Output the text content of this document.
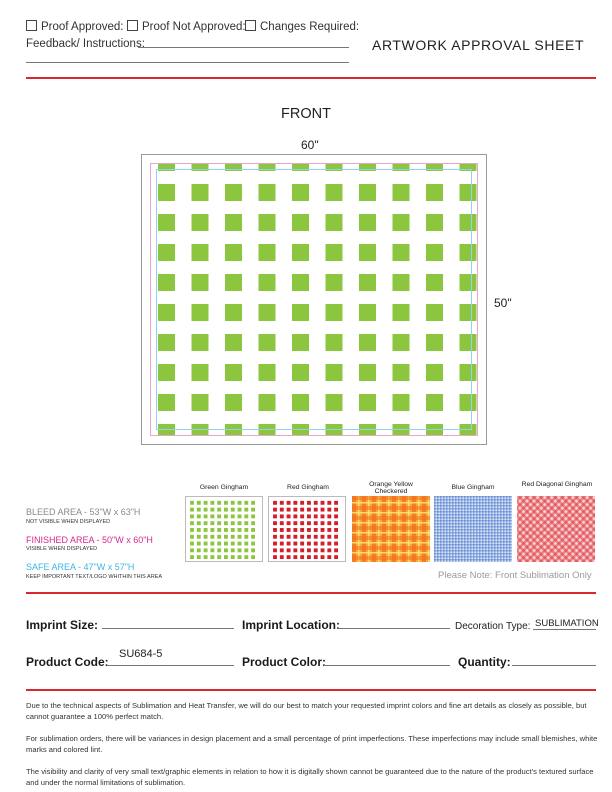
Proof Approved:	Proof Not Approved:	Changes Required:
Feedback/ Instructions:	ARTWORK APPROVAL SHEET
FRONT
60"
50"
BLEED AREA - 53"W x 63"H
NOT VISIBLE WHEN DISPLAYED
FINISHED AREA - 50"W x 60"H
VISIBLE WHEN DISPLAYED
SAFE AREA - 47"W x 57"H
KEEP IMPORTANT TEXT/LOGO WHITHIN THIS AREA
Green Gingham	Red Gingham	Orange Yellow Checkered
Blue Gingham	Red Diagonal Gingham
Please Note: Front Sublimation Only
Imprint Size:	Imprint Location:	Decoration Type: SUBLIMATION
Product Code:
SU684-5
Product Color:	Quantity:
Due to the technical aspects of Sublimation and Heat Transfer, we will do our best to match your requested imprint colors and fine art details as closely as possible, but cannot guarantee a 100% perfect match.
For sublimation orders, there will be variances in design placement and a small percentage of print imperfections. These imperfections may include small blemishes, white marks and colored lint.
The visibility and clarity of very small text/graphic elements in relation to how it is digitally shown cannot be guaranteed due to the nature of the product's textured surface and under the normal limitations of sublimation.
